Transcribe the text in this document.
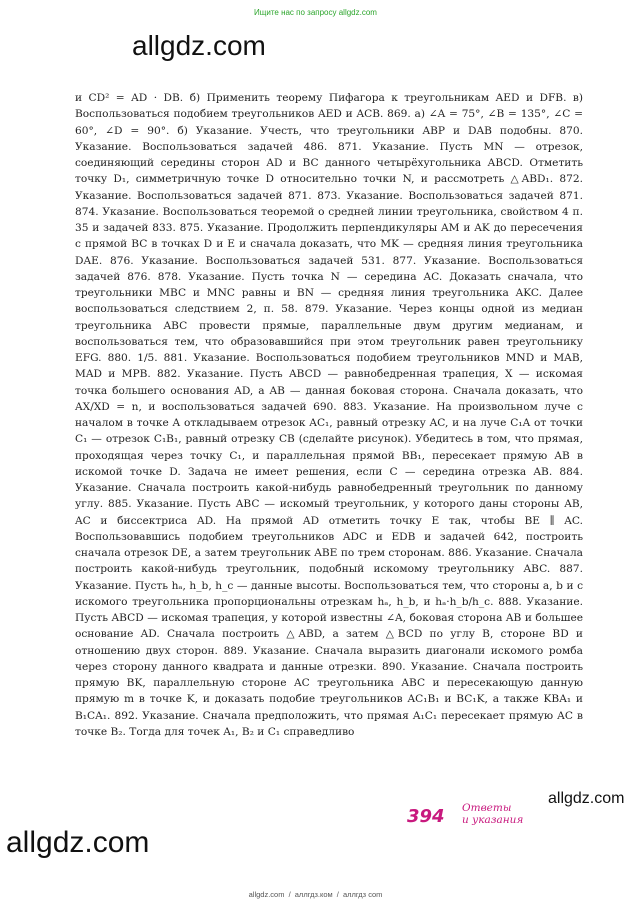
Ищите нас по запросу allgdz.com
allgdz.com

и CD² = AD · DB. б) Применить теорему Пифагора к треугольникам AED и DFB. в) Воспользоваться подобием треугольников AED и ACB. 869. а) ∠A = 75°, ∠B = 135°, ∠C = 60°, ∠D = 90°. б) Указание. Учесть, что треугольники ABP и DAB подобны. 870. Указание. Воспользоваться задачей 486. 871. Указание. Пусть MN — отрезок, соединяющий середины сторон AD и BC данного четырёхугольника ABCD. Отметить точку D₁, симметричную точке D относительно точки N, и рассмотреть △ABD₁. 872. Указание. Воспользоваться задачей 871. 873. Указание. Воспользоваться задачей 871. 874. Указание. Воспользоваться теоремой о средней линии треугольника, свойством 4 п. 35 и задачей 833. 875. Указание. Продолжить перпендикуляры AM и AK до пересечения с прямой BC в точках D и E и сначала доказать, что MK — средняя линия треугольника DAE. 876. Указание. Воспользоваться задачей 531. 877. Указание. Воспользоваться задачей 876. 878. Указание. Пусть точка N — середина AC. Доказать сначала, что треугольники MBC и MNC равны и BN — средняя линия треугольника AKC. Далее воспользоваться следствием 2, п. 58. 879. Указание. Через концы одной из медиан треугольника ABC провести прямые, параллельные двум другим медианам, и воспользоваться тем, что образовавшийся при этом треугольник равен треугольнику EFG. 880. 1/5. 881. Указание. Воспользоваться подобием треугольников MND и MAB, MAD и MPB. 882. Указание. Пусть ABCD — равнобедренная трапеция, X — искомая точка большего основания AD, а AB — данная боковая сторона. Сначала доказать, что AX/XD = n, и воспользоваться задачей 690. 883. Указание. На произвольном луче с началом в точке A откладываем отрезок AC₁, равный отрезку AC, и на луче C₁A от точки C₁ — отрезок C₁B₁, равный отрезку CB (сделайте рисунок). Убедитесь в том, что прямая, проходящая через точку C₁, и параллельная прямой BB₁, пересекает прямую AB в искомой точке D. Задача не имеет решения, если C — середина отрезка AB. 884. Указание. Сначала построить какой-нибудь равнобедренный треугольник по данному углу. 885. Указание. Пусть ABC — искомый треугольник, у которого даны стороны AB, AC и биссектриса AD. На прямой AD отметить точку E так, чтобы BE ∥ AC. Воспользовавшись подобием треугольников ADC и EDB и задачей 642, построить сначала отрезок DE, а затем треугольник ABE по трем сторонам. 886. Указание. Сначала построить какой-нибудь треугольник, подобный искомому треугольнику ABC. 887. Указание. Пусть hₐ, h_b, h_c — данные высоты. Воспользоваться тем, что стороны a, b и c искомого треугольника пропорциональны отрезкам hₐ, h_b, и hₐ·h_b/h_c. 888. Указание. Пусть ABCD — искомая трапеция, у которой известны ∠A, боковая сторона AB и большее основание AD. Сначала построить △ABD, а затем △BCD по углу B, стороне BD и отношению двух сторон. 889. Указание. Сначала выразить диагонали искомого ромба через сторону данного квадрата и данные отрезки. 890. Указание. Сначала построить прямую BK, параллельную стороне AC треугольника ABC и пересекающую данную прямую m в точке K, и доказать подобие треугольников AC₁B₁ и BC₁K, а также KBA₁ и B₁CA₁. 892. Указание. Сначала предположить, что прямая A₁C₁ пересекает прямую AC в точке B₂. Тогда для точек A₁, B₂ и C₁ справедливо

allgdz.com
394 Ответы
и указания
allgdz.com
allgdz.com / аллгдз.ком / аллгдз com
